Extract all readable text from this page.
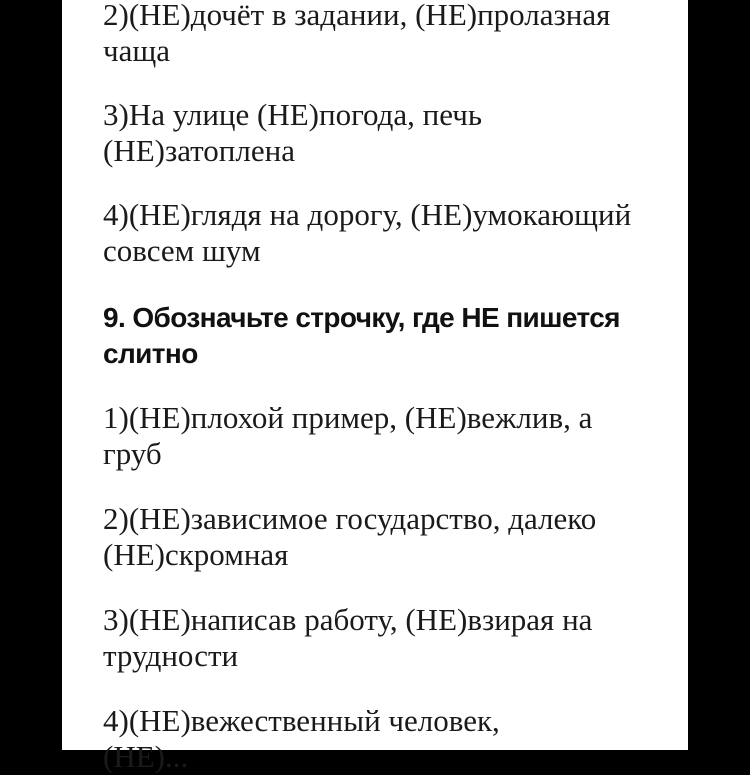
2)(НЕ)дочёт в задании, (НЕ)пролазная
чаща
3)На улице (НЕ)погода, печь
(НЕ)затоплена
4)(НЕ)глядя на дорогу, (НЕ)умокающий
совсем шум
9. Обозначьте строчку, где НЕ пишется
слитно
1)(НЕ)плохой пример, (НЕ)вежлив, а
груб
2)(НЕ)зависимое государство, далеко
(НЕ)скромная
3)(НЕ)написав работу, (НЕ)взирая на
трудности
4)(НЕ)вежественный человек,
(НЕ)...
